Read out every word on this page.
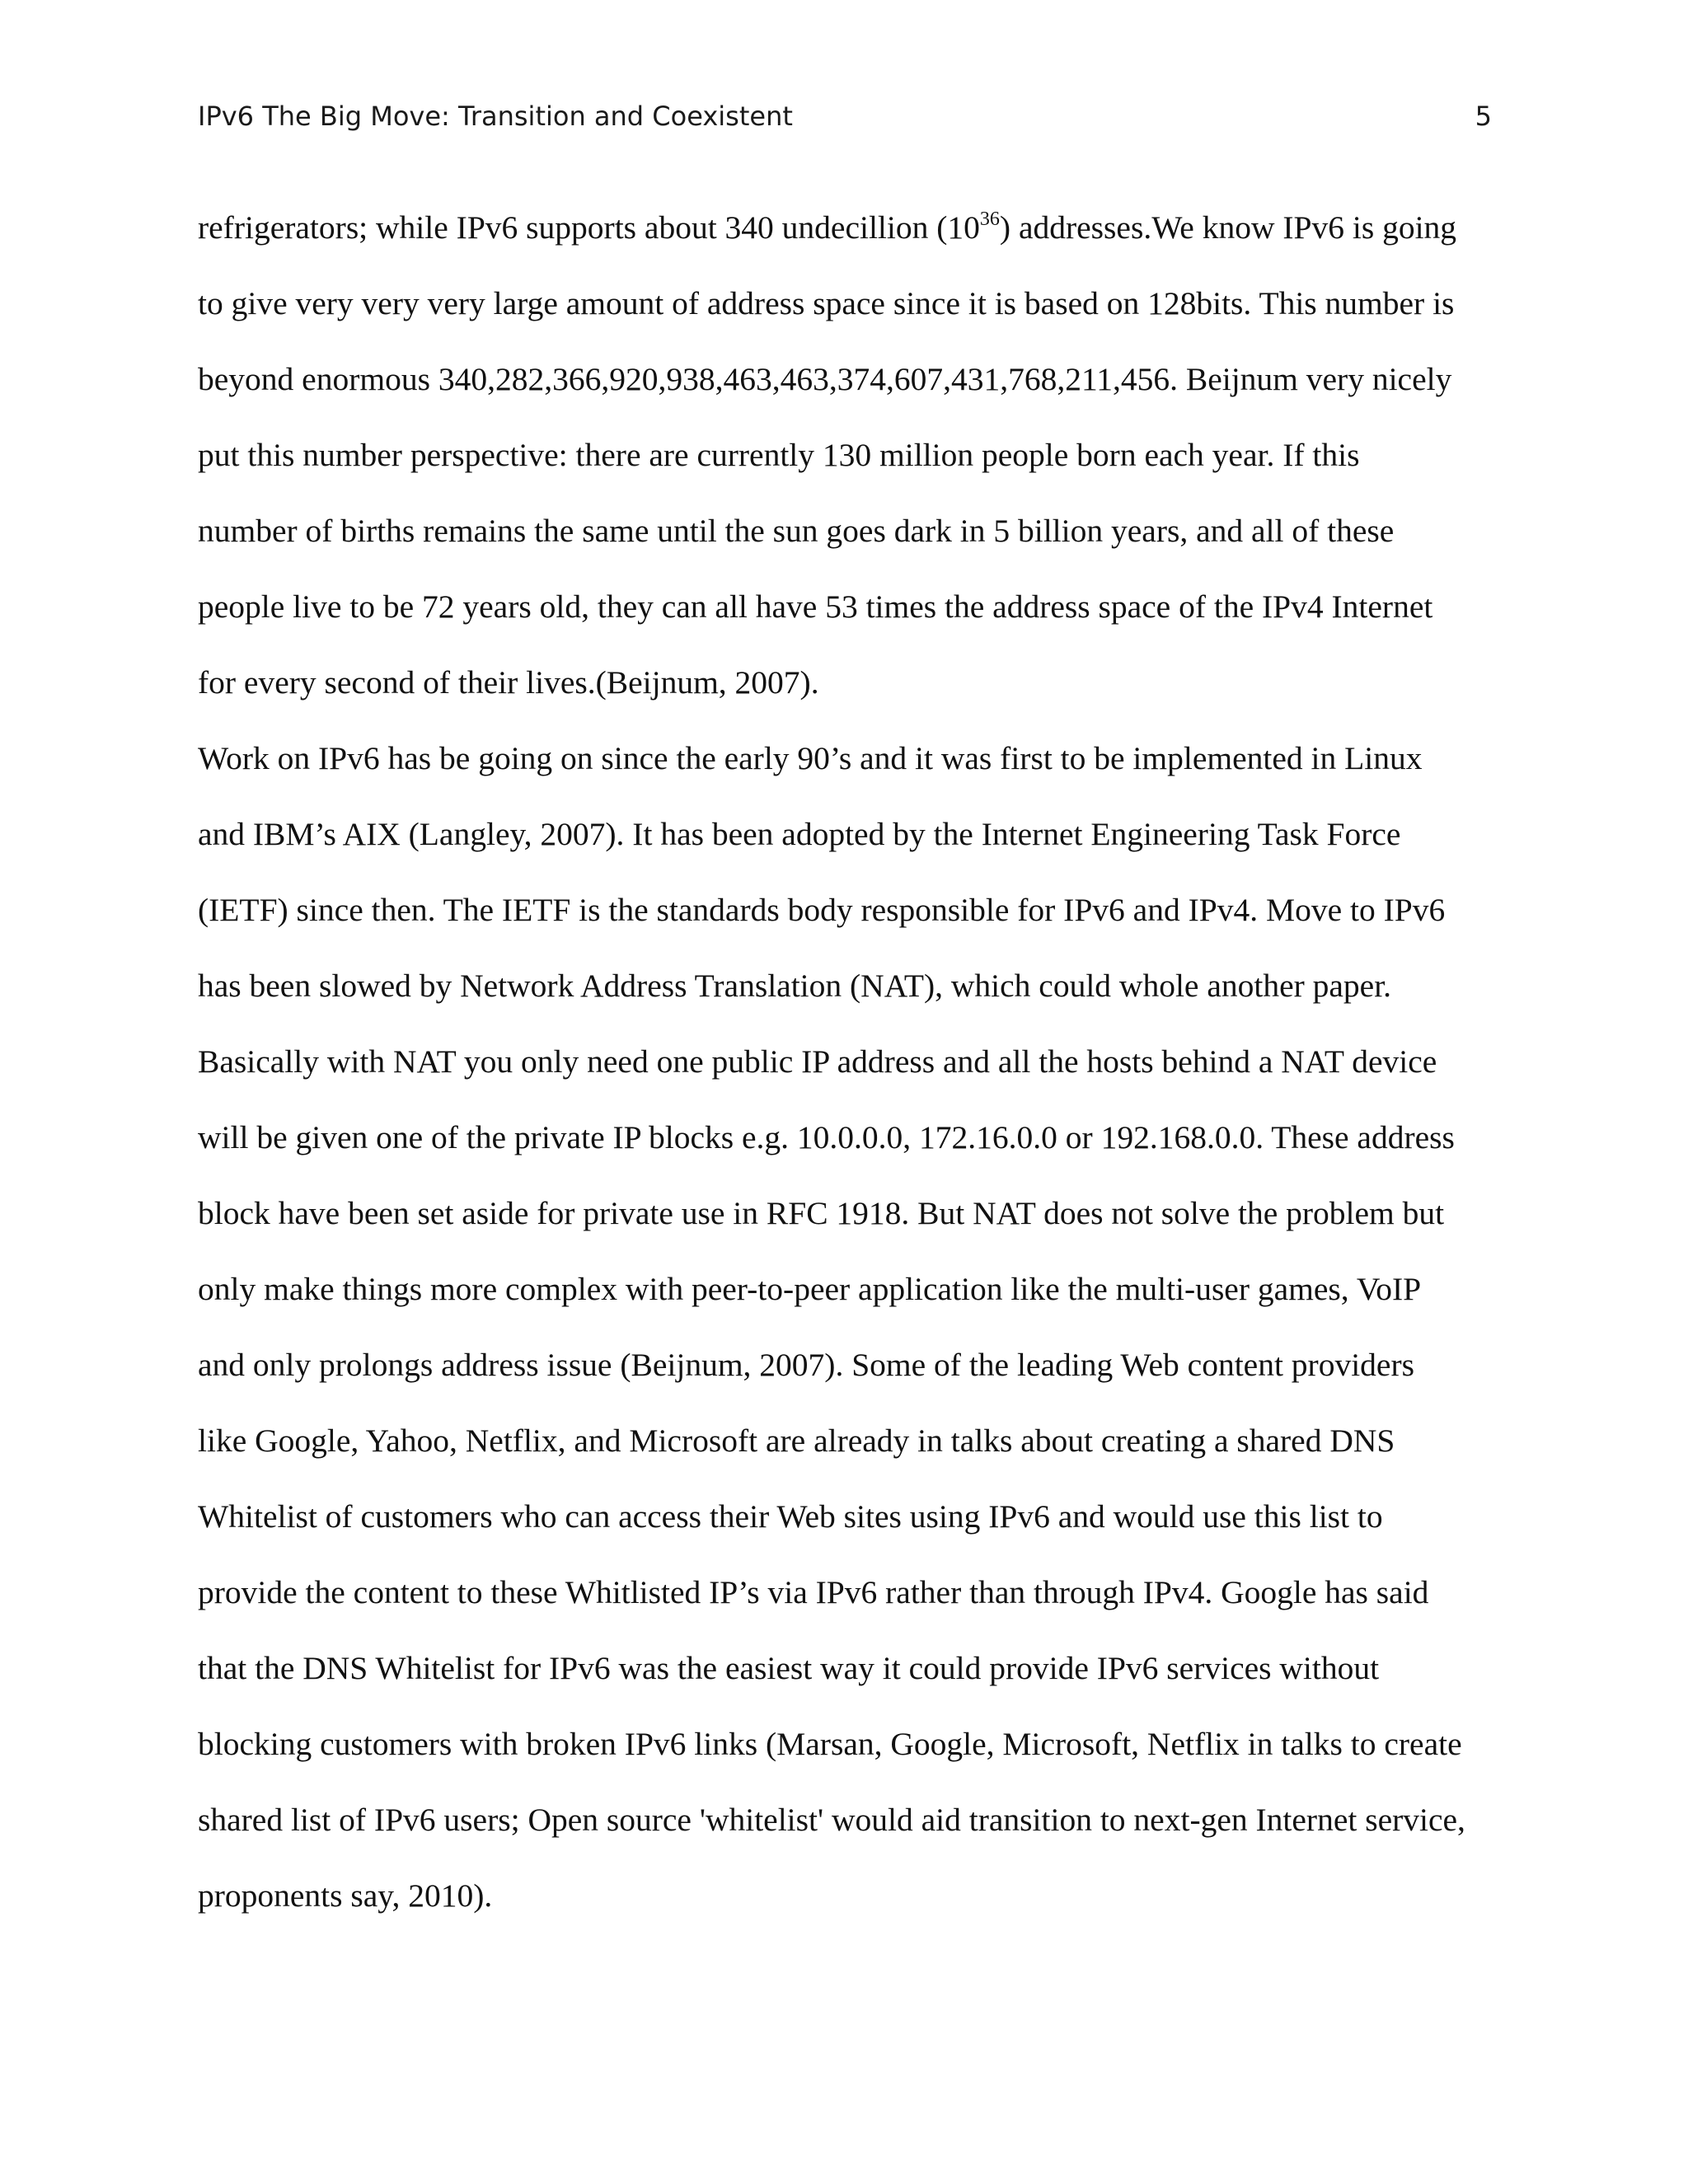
IPv6 The Big Move: Transition and Coexistent	5
refrigerators; while IPv6 supports about 340 undecillion $(10^{36})$ addresses.We know IPv6 is going
to give very very very large amount of address space since it is based on 128bits. This number is
beyond enormous 340,282,366,920,938,463,463,374,607,431,768,211,456. Beijnum very nicely
put this number perspective: there are currently 130 million people born each year. If this
number of births remains the same until the sun goes dark in 5 billion years, and all of these
people live to be 72 years old, they can all have 53 times the address space of the IPv4 Internet
for every second of their lives.(Beijnum, 2007).
Work on IPv6 has be going on since the early 90’s and it was first to be implemented in Linux
and IBM’s AIX (Langley, 2007). It has been adopted by the Internet Engineering Task Force
(IETF) since then. The IETF is the standards body responsible for IPv6 and IPv4. Move to IPv6
has been slowed by Network Address Translation (NAT), which could whole another paper.
Basically with NAT you only need one public IP address and all the hosts behind a NAT device
will be given one of the private IP blocks e.g. 10.0.0.0, 172.16.0.0 or 192.168.0.0. These address
block have been set aside for private use in RFC 1918. But NAT does not solve the problem but
only make things more complex with peer-to-peer application like the multi-user games, VoIP
and only prolongs address issue (Beijnum, 2007). Some of the leading Web content providers
like Google, Yahoo, Netflix, and Microsoft are already in talks about creating a shared DNS
Whitelist of customers who can access their Web sites using IPv6 and would use this list to
provide the content to these Whitlisted IP’s via IPv6 rather than through IPv4. Google has said
that the DNS Whitelist for IPv6 was the easiest way it could provide IPv6 services without
blocking customers with broken IPv6 links (Marsan, Google, Microsoft, Netflix in talks to create
shared list of IPv6 users; Open source 'whitelist' would aid transition to next-gen Internet service,
proponents say, 2010).
